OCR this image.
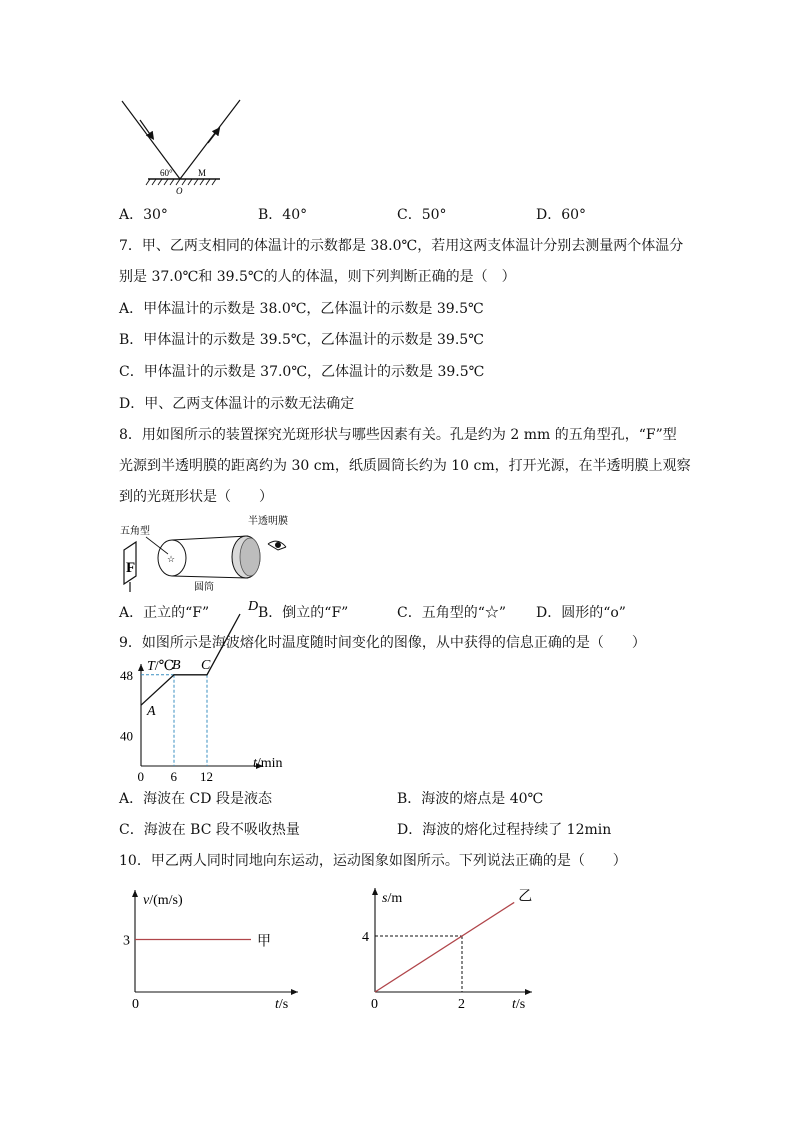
60°	M
O
A．30°	B．40°	C．50°	D．60°
7．甲、乙两支相同的体温计的示数都是 38.0℃，若用这两支体温计分别去测量两个体温分
别是 37.0℃和 39.5℃的人的体温，则下列判断正确的是（　）
A．甲体温计的示数是 38.0℃，乙体温计的示数是 39.5℃
B．甲体温计的示数是 39.5℃，乙体温计的示数是 39.5℃
C．甲体温计的示数是 37.0℃，乙体温计的示数是 39.5℃
D．甲、乙两支体温计的示数无法确定
8．用如图所示的装置探究光斑形状与哪些因素有关。孔是约为 2 mm 的五角型孔，“F”型
光源到半透明膜的距离约为 30 cm，纸质圆筒长约为 10 cm，打开光源，在半透明膜上观察
到的光斑形状是（　　）
F
☆
五角型
半透明膜
圆筒
A．正立的“F”	B．倒立的“F”	C．五角型的“☆” D．圆形的“o”
9．如图所示是海波熔化时温度随时间变化的图像，从中获得的信息正确的是（　　）
T/℃
t/min
A
B C
D
0 6 12
40
48
A．海波在 CD 段是液态	B．海波的熔点是 40℃
C．海波在 BC 段不吸收热量	D．海波的熔化过程持续了 12min
10．甲乙两人同时同地向东运动，运动图象如图所示。下列说法正确的是（　　）
v/(m/s)
t/s
甲
3
0
s/m
t/s
乙
4
0	2
